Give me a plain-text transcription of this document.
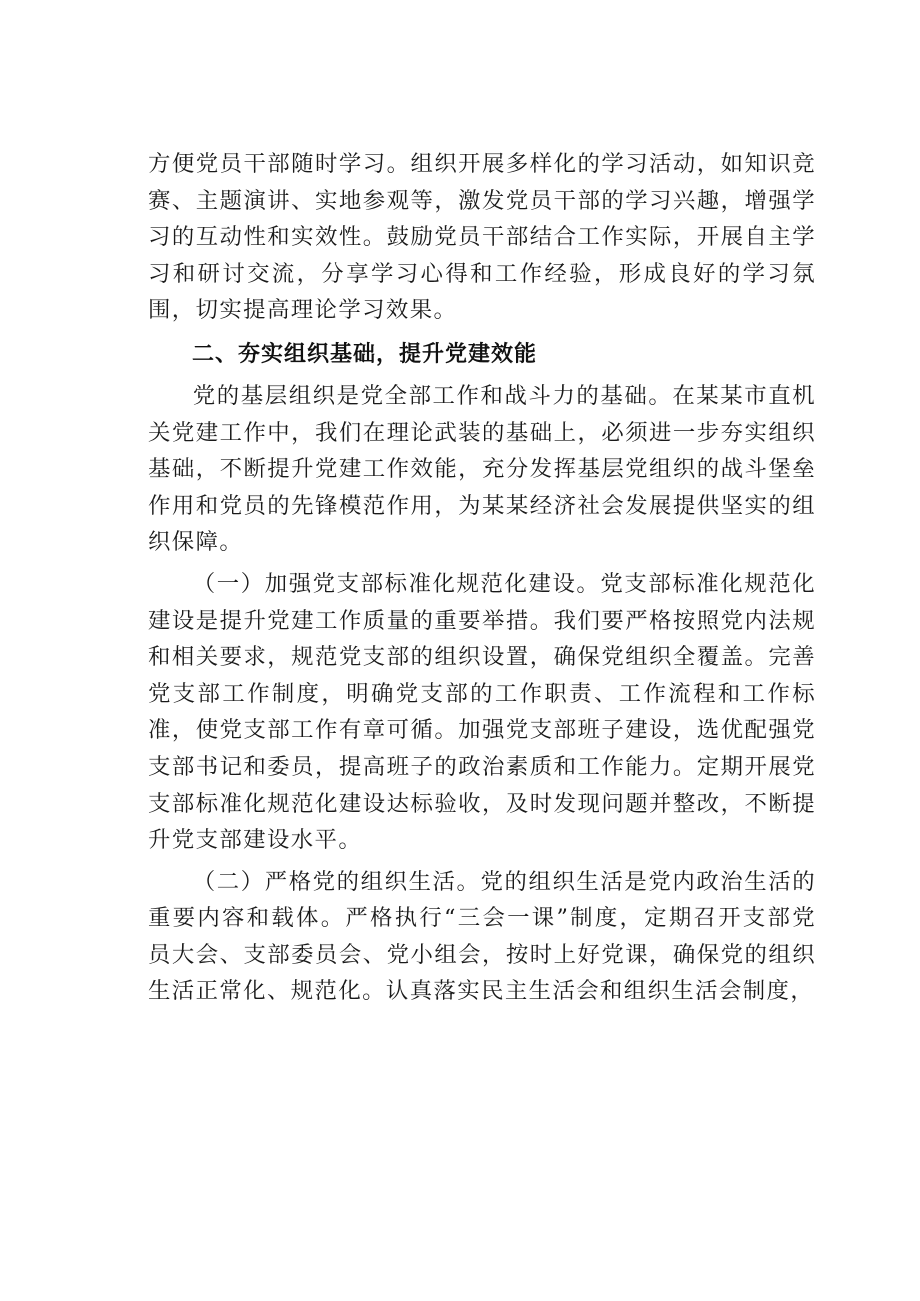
方便党员干部随时学习。组织开展多样化的学习活动，如知识竞赛、主题演讲、实地参观等，激发党员干部的学习兴趣，增强学习的互动性和实效性。鼓励党员干部结合工作实际，开展自主学习和研讨交流，分享学习心得和工作经验，形成良好的学习氛围，切实提高理论学习效果。

二、夯实组织基础，提升党建效能

党的基层组织是党全部工作和战斗力的基础。在某某市直机关党建工作中，我们在理论武装的基础上，必须进一步夯实组织基础，不断提升党建工作效能，充分发挥基层党组织的战斗堡垒作用和党员的先锋模范作用，为某某经济社会发展提供坚实的组织保障。

（一）加强党支部标准化规范化建设。党支部标准化规范化建设是提升党建工作质量的重要举措。我们要严格按照党内法规和相关要求，规范党支部的组织设置，确保党组织全覆盖。完善党支部工作制度，明确党支部的工作职责、工作流程和工作标准，使党支部工作有章可循。加强党支部班子建设，选优配强党支部书记和委员，提高班子的政治素质和工作能力。定期开展党支部标准化规范化建设达标验收，及时发现问题并整改，不断提升党支部建设水平。

（二）严格党的组织生活。党的组织生活是党内政治生活的重要内容和载体。严格执行“三会一课”制度，定期召开支部党员大会、支部委员会、党小组会，按时上好党课，确保党的组织生活正常化、规范化。认真落实民主生活会和组织生活会制度，
